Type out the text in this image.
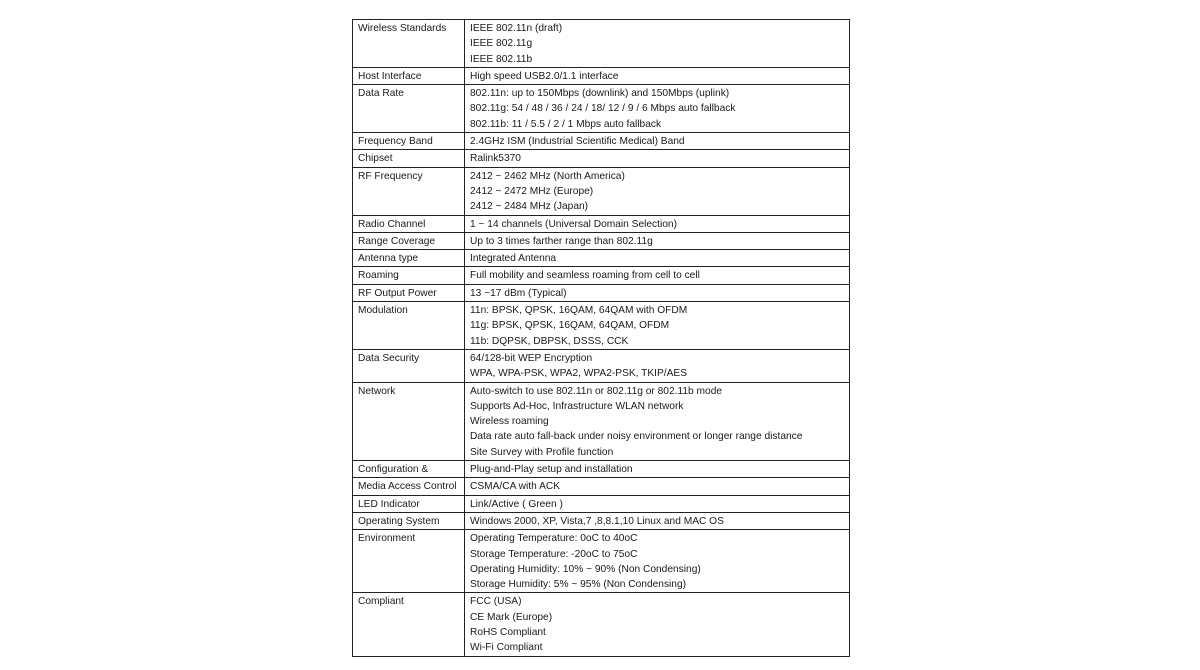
Wireless Standards	IEEE 802.11n (draft)
IEEE 802.11g
IEEE 802.11b

Host Interface	High speed USB2.0/1.1 interface

Data Rate	802.11n: up to 150Mbps (downlink) and 150Mbps (uplink)
802.11g: 54 / 48 / 36 / 24 / 18/ 12 / 9 / 6 Mbps auto fallback
802.11b: 11 / 5.5 / 2 / 1 Mbps auto fallback

Frequency Band	2.4GHz ISM (Industrial Scientific Medical) Band

Chipset	Ralink5370

RF Frequency	2412 ~ 2462 MHz (North America)
2412 ~ 2472 MHz (Europe)
2412 ~ 2484 MHz (Japan)

Radio Channel	1 ~ 14 channels (Universal Domain Selection)

Range Coverage	Up to 3 times farther range than 802.11g

Antenna type	Integrated Antenna

Roaming	Full mobility and seamless roaming from cell to cell

RF Output Power	13 ~17 dBm (Typical)

Modulation	11n: BPSK, QPSK, 16QAM, 64QAM with OFDM
11g: BPSK, QPSK, 16QAM, 64QAM, OFDM
11b: DQPSK, DBPSK, DSSS, CCK

Data Security	64/128-bit WEP Encryption
WPA, WPA-PSK, WPA2, WPA2-PSK, TKIP/AES

Network	Auto-switch to use 802.11n or 802.11g or 802.11b mode
Supports Ad-Hoc, Infrastructure WLAN network
Wireless roaming
Data rate auto fall-back under noisy environment or longer range distance
Site Survey with Profile function

Configuration &	Plug-and-Play setup and installation

Media Access Control	CSMA/CA with ACK

LED Indicator	Link/Active ( Green )

Operating System	Windows 2000, XP, Vista,7 ,8,8.1,10 Linux and MAC OS

Environment	Operating Temperature: 0oC to 40oC
Storage Temperature: -20oC to 75oC
Operating Humidity: 10% ~ 90% (Non Condensing)
Storage Humidity: 5% ~ 95% (Non Condensing)

Compliant	FCC (USA)
CE Mark (Europe)
RoHS Compliant
Wi-Fi Compliant
